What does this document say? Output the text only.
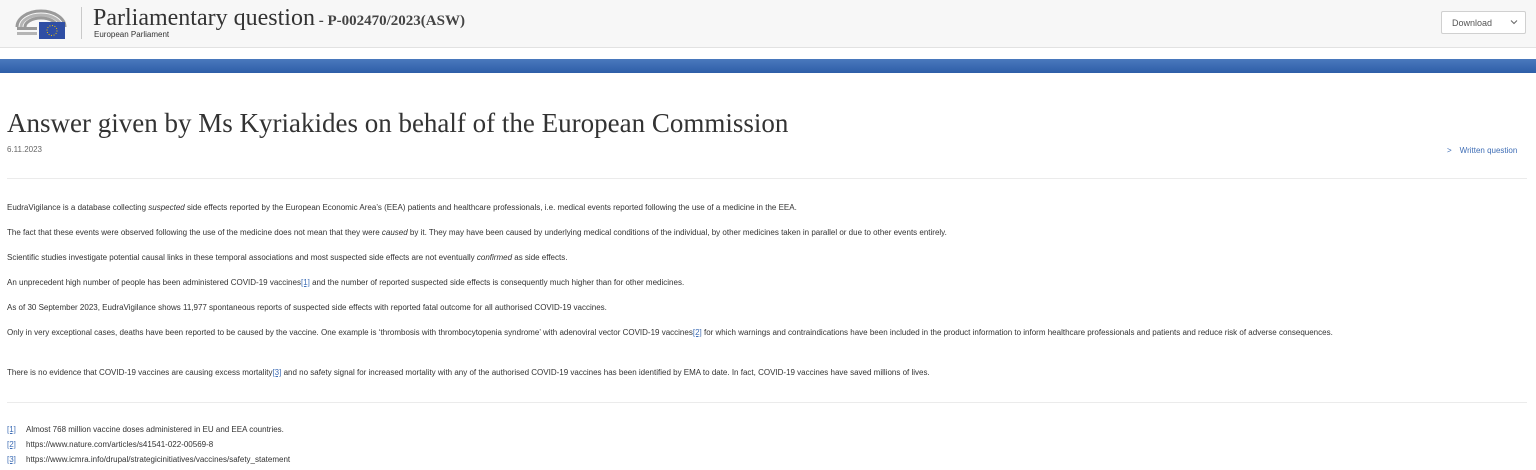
Parliamentary question - P-002470/2023(ASW)
European Parliament
Download
Answer given by Ms Kyriakides on behalf of the European Commission
6.11.2023	> Written question
EudraVigilance is a database collecting suspected side effects reported by the European Economic Area’s (EEA) patients and healthcare professionals, i.e. medical events reported following the use of a medicine in the EEA.
The fact that these events were observed following the use of the medicine does not mean that they were caused by it. They may have been caused by underlying medical conditions of the individual, by other medicines taken in parallel or due to other events entirely.
Scientific studies investigate potential causal links in these temporal associations and most suspected side effects are not eventually confirmed as side effects.
An unprecedent high number of people has been administered COVID-19 vaccines[1] and the number of reported suspected side effects is consequently much higher than for other medicines.
As of 30 September 2023, EudraVigilance shows 11,977 spontaneous reports of suspected side effects with reported fatal outcome for all authorised COVID-19 vaccines.
Only in very exceptional cases, deaths have been reported to be caused by the vaccine. One example is ‘thrombosis with thrombocytopenia syndrome’ with adenoviral vector COVID-19 vaccines[2] for which warnings and contraindications have been included in the product information to inform healthcare professionals and patients and reduce risk of adverse consequences.
There is no evidence that COVID-19 vaccines are causing excess mortality[3] and no safety signal for increased mortality with any of the authorised COVID-19 vaccines has been identified by EMA to date. In fact, COVID-19 vaccines have saved millions of lives.
[1] Almost 768 million vaccine doses administered in EU and EEA countries.
[2] https://www.nature.com/articles/s41541-022-00569-8
[3] https://www.icmra.info/drupal/strategicinitiatives/vaccines/safety_statement
